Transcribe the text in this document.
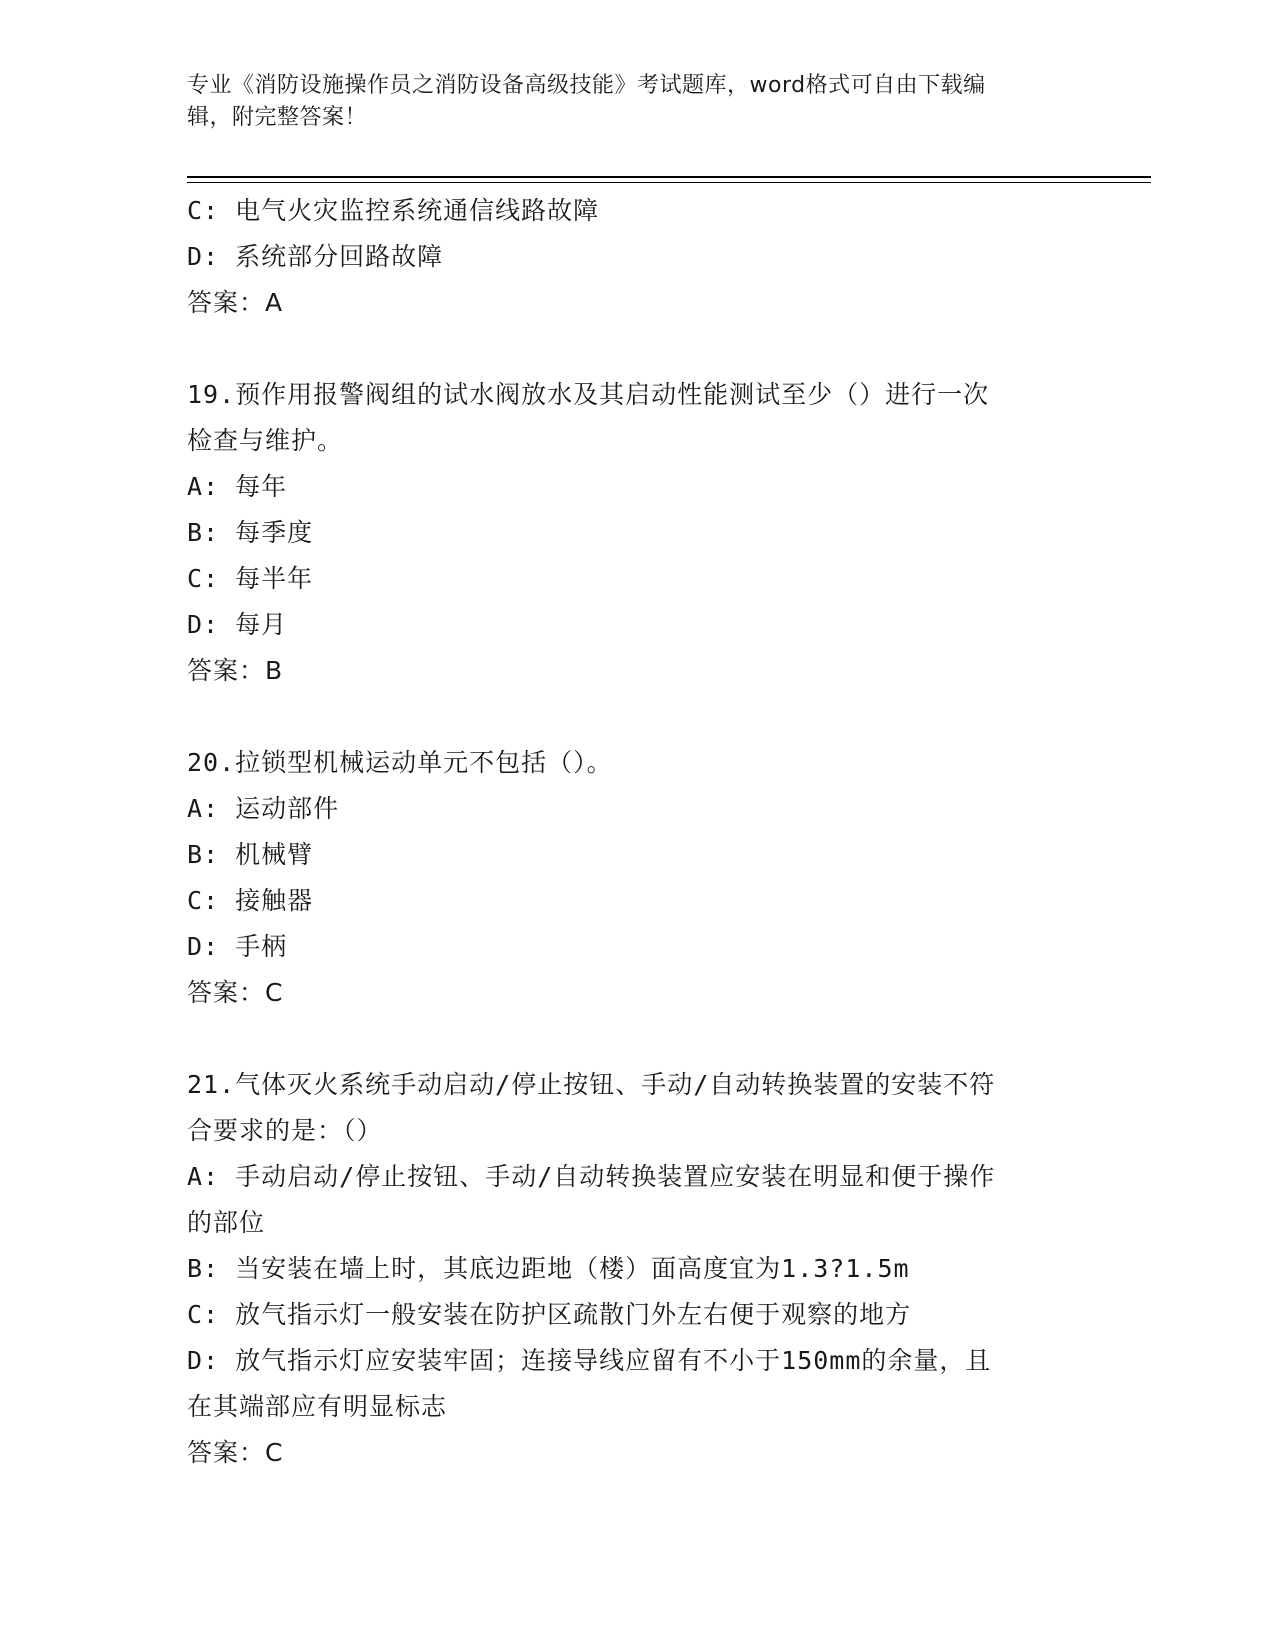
专业《消防设施操作员之消防设备高级技能》考试题库，word格式可自由下载编
辑，附完整答案！

C: 电气火灾监控系统通信线路故障

D: 系统部分回路故障

答案：A

19.预作用报警阀组的试水阀放水及其启动性能测试至少（）进行一次

检查与维护。

A: 每年

B: 每季度

C: 每半年

D: 每月

答案：B

20.拉锁型机械运动单元不包括（）。

A: 运动部件

B: 机械臂

C: 接触器

D: 手柄

答案：C

21.气体灭火系统手动启动/停止按钮、手动/自动转换装置的安装不符

合要求的是：（）

A: 手动启动/停止按钮、手动/自动转换装置应安装在明显和便于操作

的部位

B: 当安装在墙上时，其底边距地（楼）面高度宜为1.3?1.5m

C: 放气指示灯一般安装在防护区疏散门外左右便于观察的地方

D: 放气指示灯应安装牢固；连接导线应留有不小于150mm的余量，且

在其端部应有明显标志

答案：C
